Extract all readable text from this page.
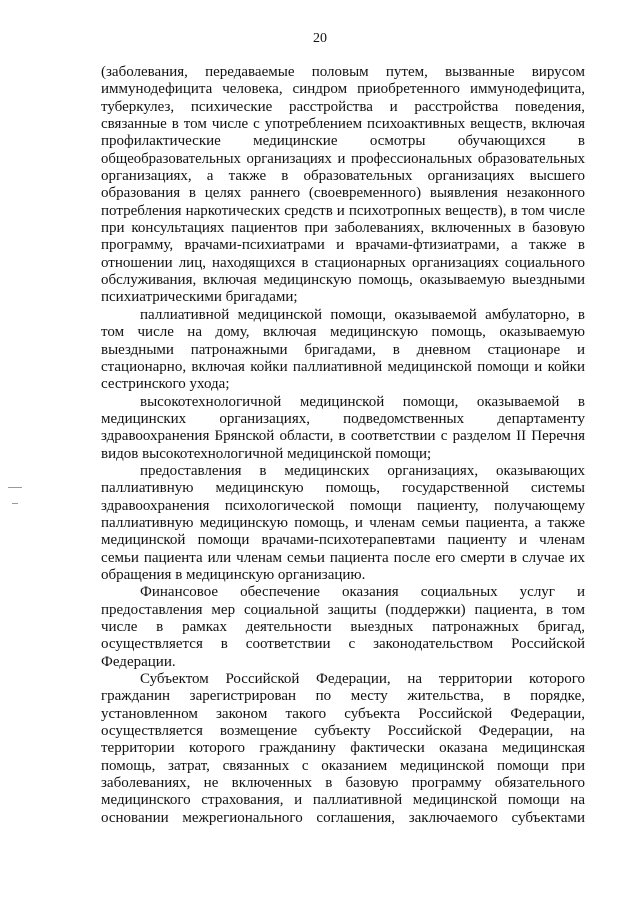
20
(заболевания, передаваемые половым путем, вызванные вирусом
иммунодефицита человека, синдром приобретенного иммунодефицита,
туберкулез, психические расстройства и расстройства поведения,
связанные в том числе с употреблением психоактивных веществ, включая
профилактические медицинские осмотры обучающихся в
общеобразовательных организациях и профессиональных образовательных
организациях, а также в образовательных организациях высшего
образования в целях раннего (своевременного) выявления незаконного
потребления наркотических средств и психотропных веществ), в том числе
при консультациях пациентов при заболеваниях, включенных в базовую
программу, врачами-психиатрами и врачами-фтизиатрами, а также в
отношении лиц, находящихся в стационарных организациях социального
обслуживания, включая медицинскую помощь, оказываемую выездными
психиатрическими бригадами;
паллиативной медицинской помощи, оказываемой амбулаторно, в
том числе на дому, включая медицинскую помощь, оказываемую
выездными патронажными бригадами, в дневном стационаре и
стационарно, включая койки паллиативной медицинской помощи и койки
сестринского ухода;
высокотехнологичной медицинской помощи, оказываемой в
медицинских организациях, подведомственных департаменту
здравоохранения Брянской области, в соответствии с разделом II Перечня
видов высокотехнологичной медицинской помощи;
предоставления в медицинских организациях, оказывающих
паллиативную медицинскую помощь, государственной системы
здравоохранения психологической помощи пациенту, получающему
паллиативную медицинскую помощь, и членам семьи пациента, а также
медицинской помощи врачами-психотерапевтами пациенту и членам
семьи пациента или членам семьи пациента после его смерти в случае их
обращения в медицинскую организацию.
Финансовое обеспечение оказания социальных услуг и
предоставления мер социальной защиты (поддержки) пациента, в том
числе в рамках деятельности выездных патронажных бригад,
осуществляется в соответствии с законодательством Российской
Федерации.
Субъектом Российской Федерации, на территории которого
гражданин зарегистрирован по месту жительства, в порядке,
установленном законом такого субъекта Российской Федерации,
осуществляется возмещение субъекту Российской Федерации, на
территории которого гражданину фактически оказана медицинская
помощь, затрат, связанных с оказанием медицинской помощи при
заболеваниях, не включенных в базовую программу обязательного
медицинского страхования, и паллиативной медицинской помощи на
основании межрегионального соглашения, заключаемого субъектами
